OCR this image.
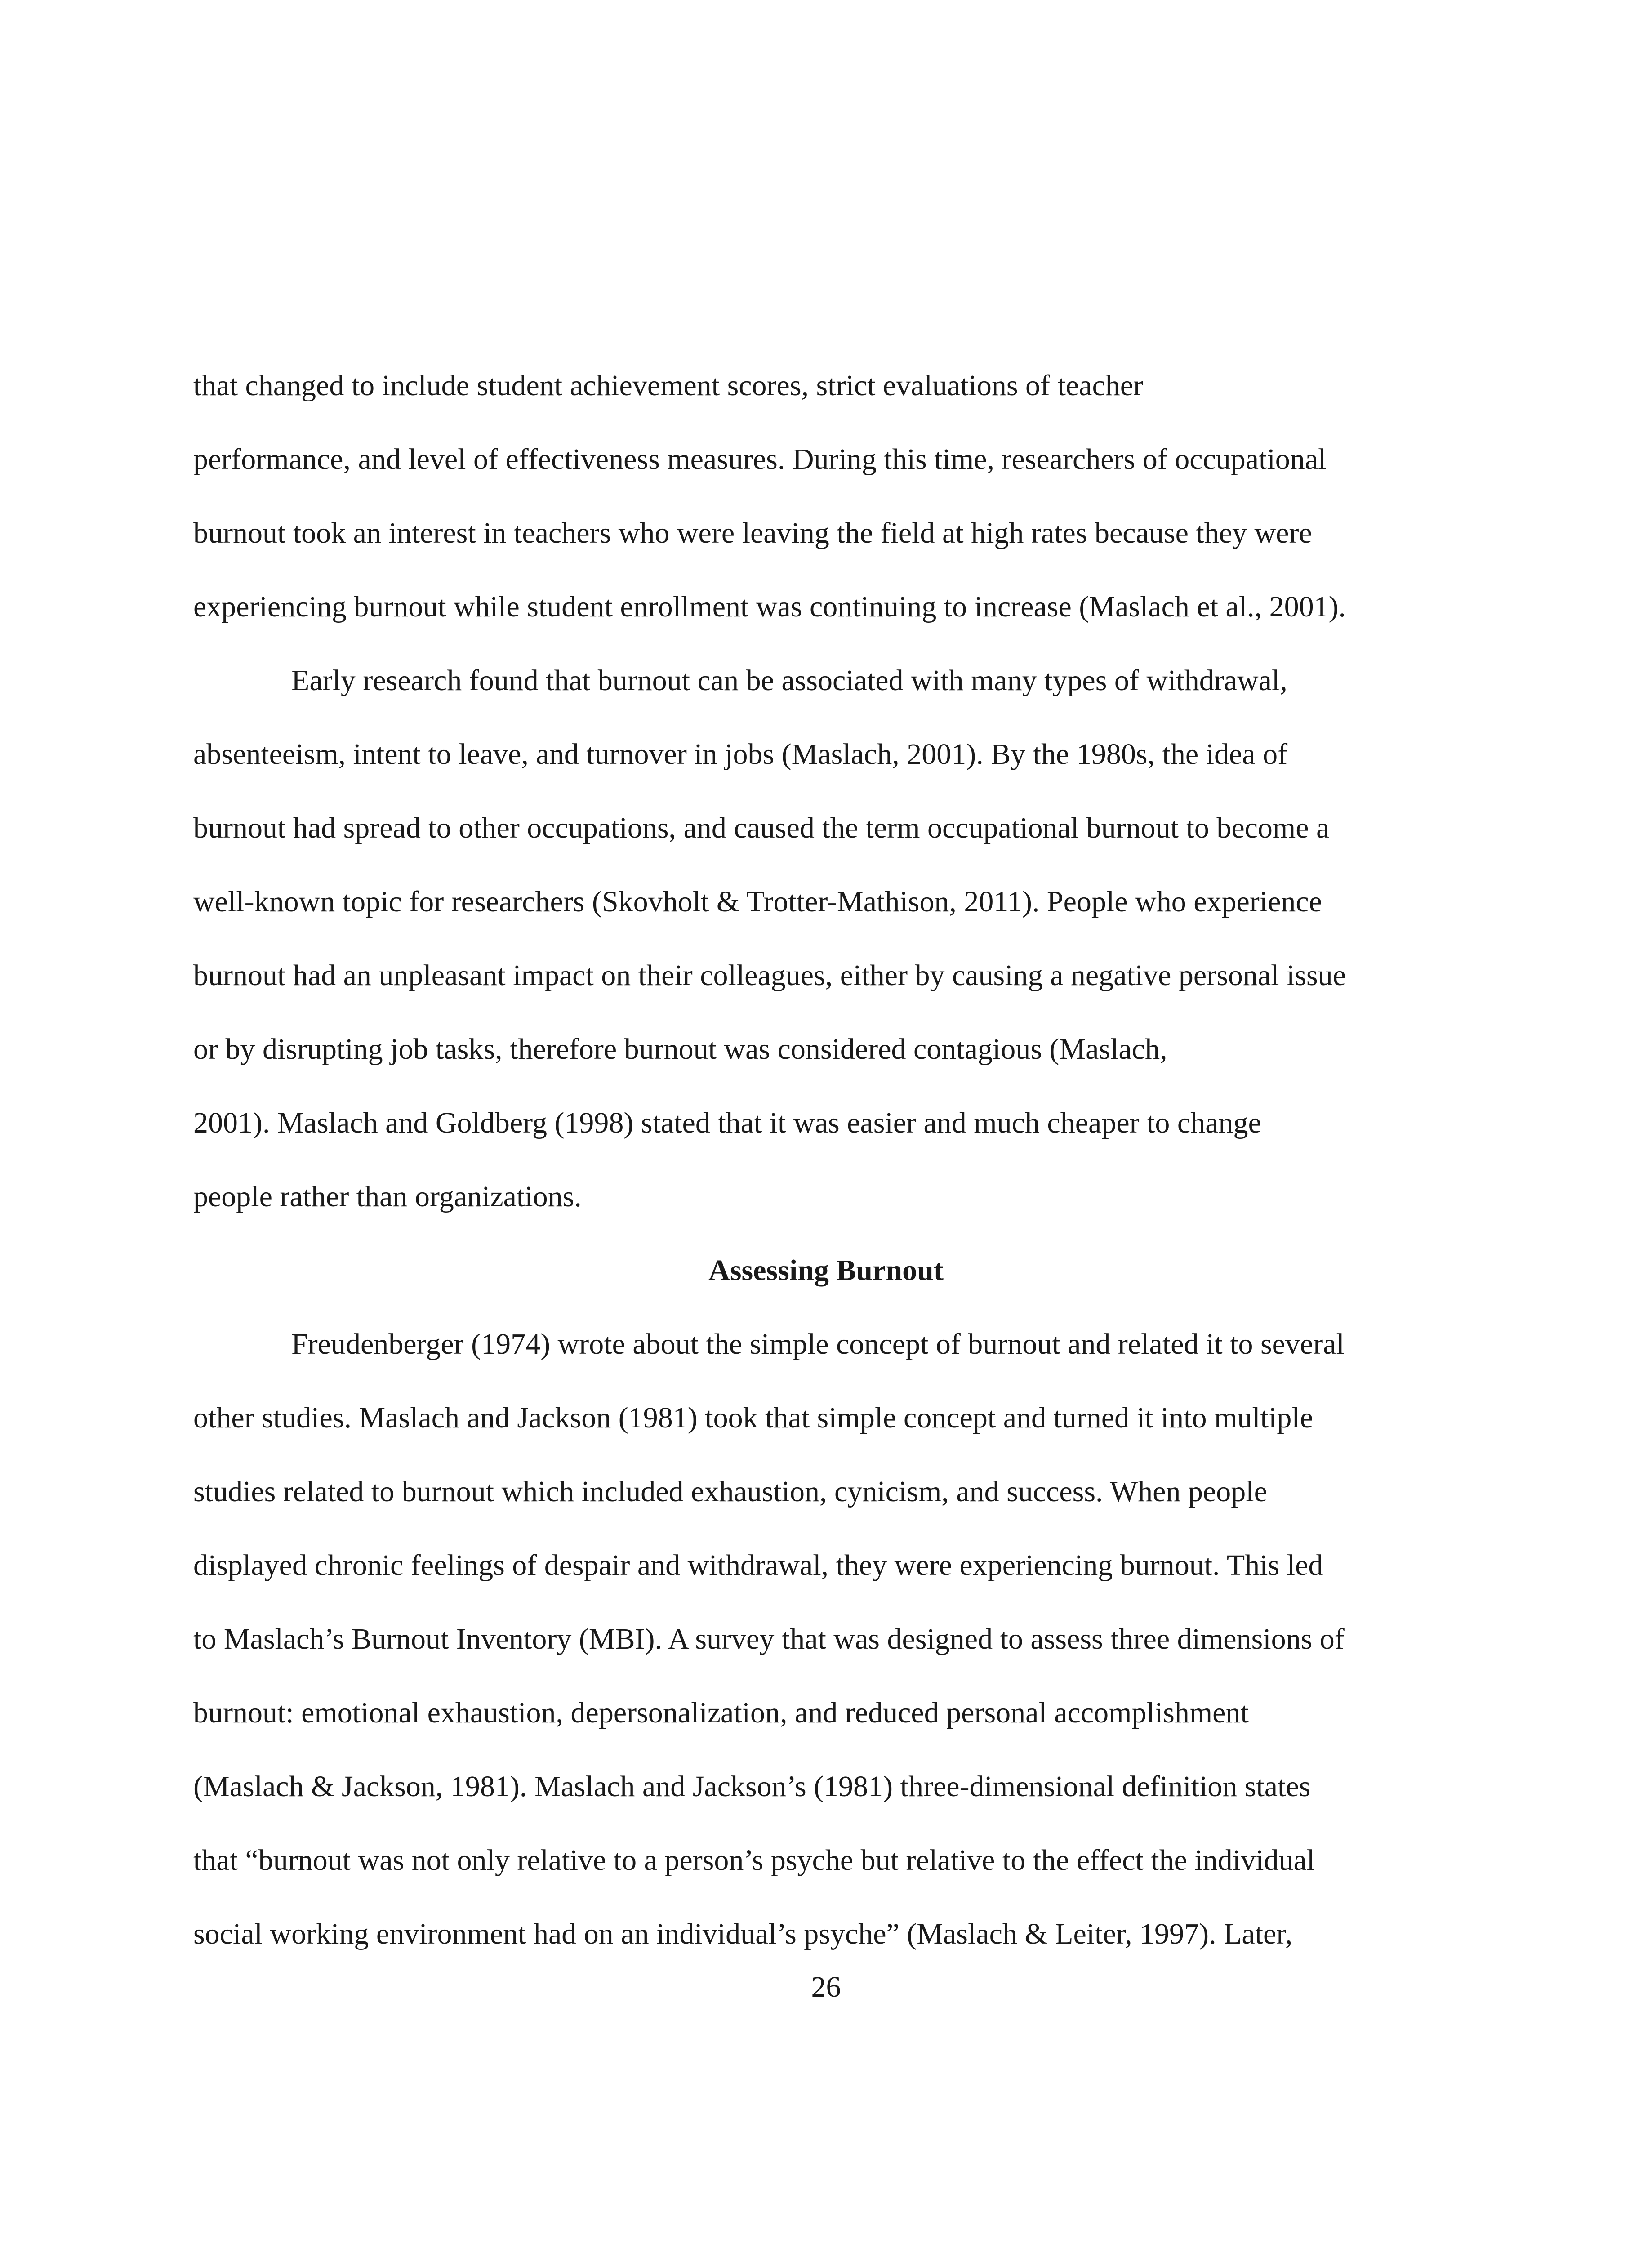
that changed to include student achievement scores, strict evaluations of teacher
performance, and level of effectiveness measures. During this time, researchers of occupational
burnout took an interest in teachers who were leaving the field at high rates because they were
experiencing burnout while student enrollment was continuing to increase (Maslach et al., 2001).
Early research found that burnout can be associated with many types of withdrawal,
absenteeism, intent to leave, and turnover in jobs (Maslach, 2001). By the 1980s, the idea of
burnout had spread to other occupations, and caused the term occupational burnout to become a
well-known topic for researchers (Skovholt & Trotter-Mathison, 2011). People who experience
burnout had an unpleasant impact on their colleagues, either by causing a negative personal issue
or by disrupting job tasks, therefore burnout was considered contagious (Maslach,
2001). Maslach and Goldberg (1998) stated that it was easier and much cheaper to change
people rather than organizations.
Assessing Burnout
Freudenberger (1974) wrote about the simple concept of burnout and related it to several
other studies. Maslach and Jackson (1981) took that simple concept and turned it into multiple
studies related to burnout which included exhaustion, cynicism, and success. When people
displayed chronic feelings of despair and withdrawal, they were experiencing burnout. This led
to Maslach’s Burnout Inventory (MBI). A survey that was designed to assess three dimensions of
burnout: emotional exhaustion, depersonalization, and reduced personal accomplishment
(Maslach & Jackson, 1981). Maslach and Jackson’s (1981) three-dimensional definition states
that “burnout was not only relative to a person’s psyche but relative to the effect the individual
social working environment had on an individual’s psyche” (Maslach & Leiter, 1997). Later,
26
